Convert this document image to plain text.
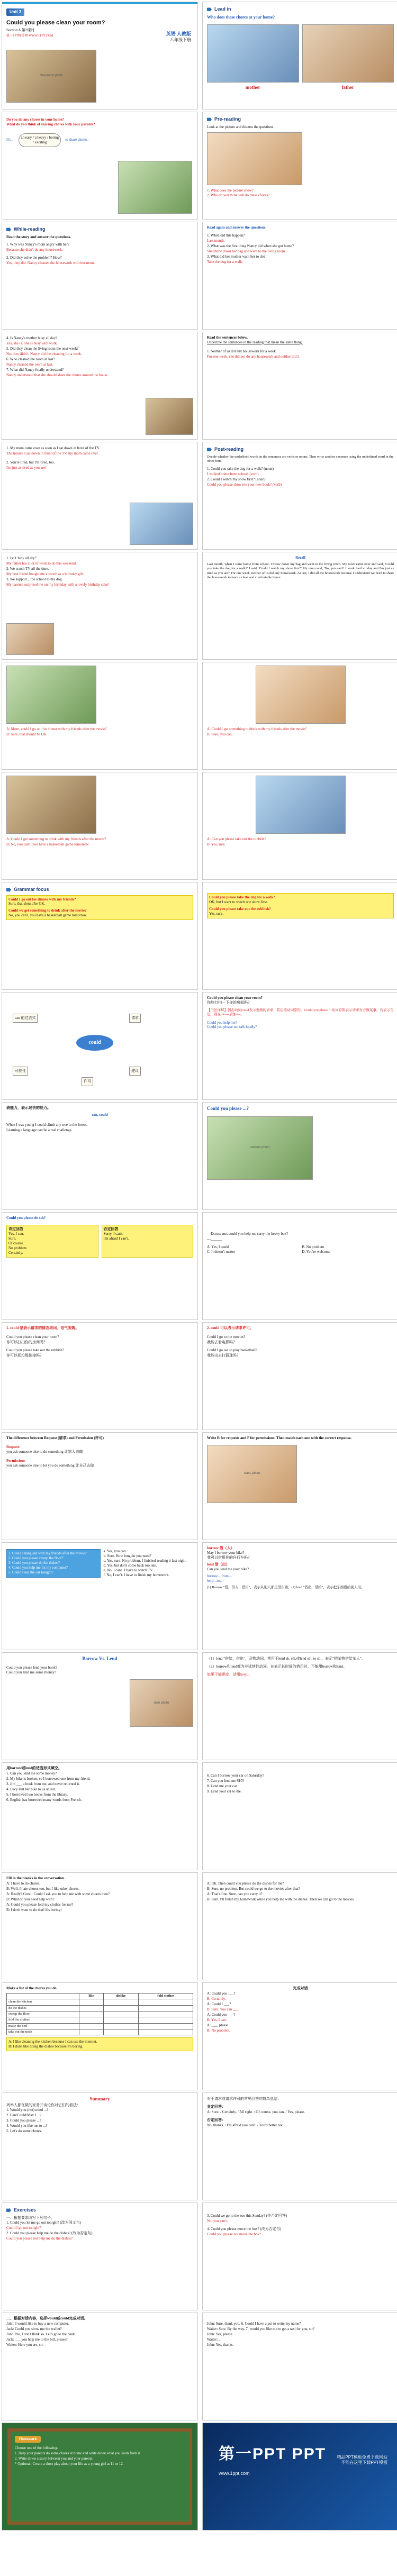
Unit 3
Could you please clean your room?
Section A 第2课时
第一PPT模板网-WWW.1PPT.COM
classroom photo
英语 人教版
八年级下册
Lead in
Who does these chores at your home?
mother	father
Do you do any chores in your home?
What do you think of sharing chores with your parents?
It's ...
an easy / a heavy / boring / exciting
to share chores.
Pre-reading
Look at the picture and discuss the questions.
1. What does the picture show?
2. Who do you think will do these chores?
While-reading
Read the story and answer the questions.
1. Why was Nancy's mom angry with her?
Because she didn't do any housework.
2. Did they solve the problem? How?
Yes, they did. Nancy cleaned the housework with her mom.
Read again and answer the questions.
1. When did this happen?
Last month.
2. What was the first thing Nancy did when she got home?
She threw down her bag and went to the living room.
3. What did her mother want her to do?
Take the dog for a walk.
4. Is Nancy's mother busy all day?
Yes, she is. She is busy with work.
5. Did they clean the living room the next week?
No, they didn't. Nancy did the cleaning for a week.
6. Who cleaned the room at last?
Nancy cleaned the room at last.
7. What did Nancy finally understand?
Nancy understood that she should share the chores around the house.
Read the sentences below.
Underline the sentences in the reading that mean the same thing.
1. Neither of us did any housework for a week.
For one week, she did not do any housework and neither did I.
1. My mom came over as soon as I sat down in front of the TV.
The minute I sat down in front of the TV, my mom came over.
2. You're tired, but I'm tired, too.
I'm just as tired as you are!
Post-reading
Decide whether the underlined words in the sentences are verbs or nouns. Then write another sentence using the underlined word in the other form.
1. Could you take the dog for a walk? (noun)
I walked home from school. (verb)
2. Could I watch my show first? (noun)
Could you please show me your new book? (verb)
1. Isn't Judy all dry?
My father has a lot of work to do this weekend.
2. We watch TV all the time.
My best friend bought me a watch as a birthday gift.
3. We support... the school to my dog.
My parents surprised me on my birthday with a lovely birthday cake!
Recall
Last month, when I came home from school, I threw down my bag and went to the living room. My mom came over and said, 'Could you take the dog for a walk?' I said, 'Could I watch my show first?' My mom said, 'No, you can't! I work hard all day and I'm just as tired as you are!' For one week, neither of us did any housework. At last, I did all the housework because I understand we need to share the housework to have a clean and comfortable home.
A: Mom, could I go out for dinner with my friends after the movie?
B: Sure, that should be OK.
A: Could I get something to drink with my friends after the movie?
B: Sure, you can.
A: Could I get something to drink with my friends after the movie?
B: No, you can't, you have a basketball game tomorrow.
A: Can you please take out the rubbish?
B: Yes, sure.
Grammar focus
Could I go out for dinner with my friends?
Sure, that should be OK.
Could we get something to drink after the movie?
No, you can't, you have a basketball game tomorrow.
Could you please take the dog for a walk?
OK, but I want to watch one show first.
Could you please take out the rubbish?
Yes, sure.
could
can 的过去式	请求
可能性	建议
许可
Could you please clean your room?
你能打扫一下你的房间吗？
【用法详解】情态动词could表示委婉的请求，其后接动词原形。Could you please + 动词原形表示请求对方做某事。若表示否定，则在please后加not。
Could you help me?
Could you please not talk loudly?
表能力，表示过去的能力。
can, could
When I was young I could climb any tree in the forest.
Learning a language can be a real challenge.
Could you please ...?
student photo
Could you please do sth?
肯定回答
Yes, I can.
Sure.
Of course.
No problem.
Certainly.
否定回答
Sorry, I can't.
I'm afraid I can't.
—Excuse me, could you help me carry the heavy box?
—______
A. Yes, I could	B. No problem
C. It doesn't matter	D. You're welcome
1. could 是表示请求的情态动词，语气委婉。
Could you please clean your room?
你可以打扫你的房间吗？
Could you please take out the rubbish?
你可以把垃圾倒掉吗？
2. could 可以表示请求许可。
Could I go to the movies?
我能去看电影吗？
Could I go out to play basketball?
我能出去打篮球吗？
The difference between Request (请求) and Permission (许可)
Request:
you ask someone else to do something 让别人去做
Permission:
you ask someone else to let you do something 让自己去做
Write R for requests and P for permissions. Then match each one with the correct response.
class photo
1. Could I hang out with my friends after the movie?
2. Could you please sweep the floor?
3. Could you please do the dishes?
4. Could you help me fix my computer?
5. Could I use the car tonight?
a. Yes, you can.
b. Sure. How long do you need?
c. Yes, sure. No problem. I finished reading it last night.
d. Yes, but don't come back too late.
e. No, I can't. I have to watch TV.
f. No, I can't. I have to finish my homework.
borrow 借（入）
May I borrow your bike?
我可以借用你的自行车吗？
lend 借（出）
Can you lend me your bike?
borrow…from…
lend…to…
(1) Borrow "借，借入，借用"，表示从别人那里借东西。(2) lend "借出，借给"，表示把东西借给别人用。
Borrow Vs. Lend
Could you please lend your book?
Could you lend me some money?
man photo
（1）lend "借给，借出"，及物动词，常用于lend sb. sth.或lend sth. to sb.，表示"把某物借给某人"。
（2）borrow和lend都为非延续性动词，在表示长时间的借用时，不能用borrow和lend。
如果不能确定，请用keep。
用borrow或lend的适当形式填空。
1. Can you lend me some money?
2. My bike is broken, so I borrowed one from my friend.
3. Jim ___ a book from me, and never returned it.
4. Lucy lent her bike to us at last.
5. I borrowed two books from the library.
6. English has borrowed many words from French.
6. Can I borrow your car on Saturday?
7. Can you lend me $10?
8. Lend me your car.
9. Lend your car to me.
Fill in the blanks in the conversation.
A: I have to do chores.
B: Well, I hate chores too, but I like other chores.
A: Really? Great! Could I ask you to help me with some chores then?
B: What do you need help with?
A: Could you please fold my clothes for me?
B: I don't want to do that! It's boring!
A: Oh. Then could you please do the dishes for me?
B: Sure, no problem. But could we go to the movies after that?
A: That's fine. Sure, can you carry it?
B: Sure. I'll finish my homework while you help me with the dishes. Then we can go to the movies.
Make a list of the chores you do.
	like	dislike	fold clothes
clean the kitchen			
do the dishes			
sweep the floor			
fold the clothes			
make the bed			
take out the trash			
A: I like cleaning the kitchen because I can use the internet.
B: I don't like doing the dishes because it's boring.
完成对话
A: Could you ___?
B: Certainly.
A: Could I ___?
B: Sure. You can ___.
A: Could you ___?
B: Yes, I can.
A: ___, please.
B: No problem.
Summary
列举人都在做的家务并谈论你对它们的看法：
1. Would you (not) mind ...?
2. Can/Could/May I ...?
3. Could you please ...?
4. Would you like me to ...?
5. Let's do some chores.
对于请求或请求许可的常见回答的简单总结：
肯定回答：
A: Sure. / Certainly. / All right. / Of course, you can. / Yes, please.
否定回答：
No, thanks. / I'm afraid you can't. / You'd better not.
Exercises
一、根据要求改写下列句子。
1. Could you let me go out tonight? (改为同义句)
Could I go out tonight?
2. Could you please help me do the dishes? (改为否定句)
Could you please not help me do the dishes?
3. Could we go to the zoo this Sunday? (作否定回答)
No, you can't.
4. Could you please move the box? (改为否定句)
Could you please not move the box?
二、根据对话内容，选择would或could完成对话。
John: I would like to buy a new computer.
Jack: Could you show me the wallet?
John: No, I don't think so. Let's go to the bank.
Jack: ___ you help me to the bill, please?
Waiter: Here you are, sir.
John: Sure, thank you. 6. Could I have a pot to write my name?
Waiter: Sure. By the way, 7. would you like me to get a taxi for you, sir?
John: Yes, please.
Waiter: ...
John: Yes, thanks.
Homework
Choose one of the following.
1. Help your parents do some chores at home and write down what you learn from it.
2. Write down a story between you and your parents.
* Optional: Create a short play about your life as a young girl at 11 or 12.
第一PPT PPT
www.1ppt.com
精品PPT模板免费下载网站
不能在这里下载PPT模板
